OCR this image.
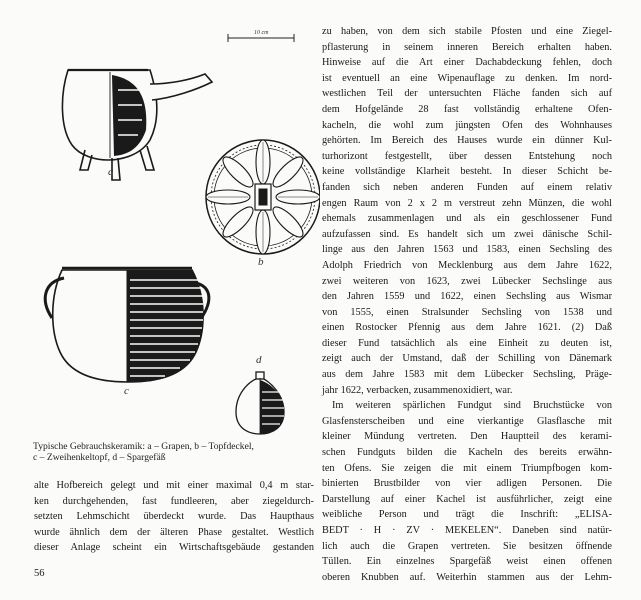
10 cm
a
b
c
d

Typische Gebrauchskeramik: a – Grapen, b – Topfdeckel,

c – Zweihenkeltopf, d – Spargefäß

zu haben, von dem sich stabile Pfosten und eine Ziegel-
pflasterung in seinem inneren Bereich erhalten haben.
Hinweise auf die Art einer Dachabdeckung fehlen, doch
ist eventuell an eine Wipenauflage zu denken. Im nord-
westlichen Teil der untersuchten Fläche fanden sich auf
dem Hofgelände 28 fast vollständig erhaltene Ofen-
kacheln, die wohl zum jüngsten Ofen des Wohnhauses
gehörten. Im Bereich des Hauses wurde ein dünner Kul-
turhorizont festgestellt, über dessen Entstehung noch
keine vollständige Klarheit besteht. In dieser Schicht be-
fanden sich neben anderen Funden auf einem relativ
engen Raum von 2 x 2 m verstreut zehn Münzen, die wohl
ehemals zusammenlagen und als ein geschlossener Fund
aufzufassen sind. Es handelt sich um zwei dänische Schil-
linge aus den Jahren 1563 und 1583, einen Sechsling des
Adolph Friedrich von Mecklenburg aus dem Jahre 1622,
zwei weiteren von 1623, zwei Lübecker Sechslinge aus
den Jahren 1559 und 1622, einen Sechsling aus Wismar
von 1555, einen Stralsunder Sechsling von 1538 und
einen Rostocker Pfennig aus dem Jahre 1621. (2) Daß
dieser Fund tatsächlich als eine Einheit zu deuten ist,
zeigt auch der Umstand, daß der Schilling von Dänemark
aus dem Jahre 1583 mit dem Lübecker Sechsling, Präge-
jahr 1622, verbacken, zusammenoxidiert, war.

Im weiteren spärlichen Fundgut sind Bruchstücke von
Glasfensterscheiben und eine vierkantige Glasflasche mit
kleiner Mündung vertreten. Den Hauptteil des kerami-
schen Fundguts bilden die Kacheln des bereits erwähn-
ten Ofens. Sie zeigen die mit einem Triumpfbogen kom-
binierten Brustbilder von vier adligen Personen. Die
Darstellung auf einer Kachel ist ausführlicher, zeigt eine
weibliche Person und trägt die Inschrift: „ELISA-
BEDT · H · ZV · MEKELEN“. Daneben sind natür-
lich auch die Grapen vertreten. Sie besitzen öffnende
Tüllen. Ein einzelnes Spargefäß weist einen offenen
oberen Knubben auf. Weiterhin stammen aus der Lehm-

alte Hofbereich gelegt und mit einer maximal 0,4 m star-
ken durchgehenden, fast fundleeren, aber ziegeldurch-
setzten Lehmschicht überdeckt wurde. Das Haupthaus
wurde ähnlich dem der älteren Phase gestaltet. Westlich
dieser Anlage scheint ein Wirtschaftsgebäude gestanden

56
